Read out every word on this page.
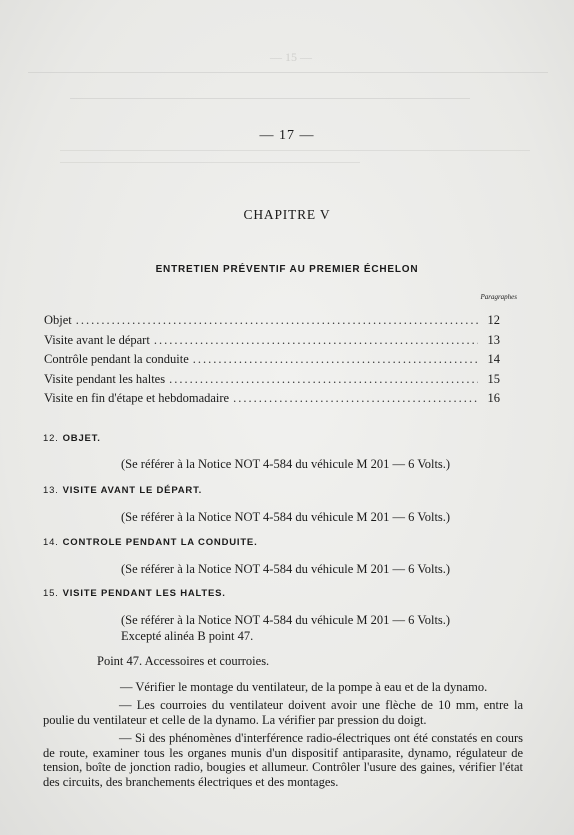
— 15 —
— 17 —
CHAPITRE V
ENTRETIEN PRÉVENTIF AU PREMIER ÉCHELON
Paragraphes
Objet .....	12
Visite avant le départ .....	13
Contrôle pendant la conduite .....	14
Visite pendant les haltes .....	15
Visite en fin d'étape et hebdomadaire .....	16
12. OBJET.
(Se référer à la Notice NOT 4-584 du véhicule M 201 — 6 Volts.)
13. VISITE AVANT LE DÉPART.
(Se référer à la Notice NOT 4-584 du véhicule M 201 — 6 Volts.)
14. CONTROLE PENDANT LA CONDUITE.
(Se référer à la Notice NOT 4-584 du véhicule M 201 — 6 Volts.)
15. VISITE PENDANT LES HALTES.
(Se référer à la Notice NOT 4-584 du véhicule M 201 — 6 Volts.)
Excepté alinéa B point 47.
Point 47. Accessoires et courroies.
— Vérifier le montage du ventilateur, de la pompe à eau et de la dynamo.
— Les courroies du ventilateur doivent avoir une flèche de 10 mm, entre la poulie du ventilateur et celle de la dynamo. La vérifier par pression du doigt.
— Si des phénomènes d'interférence radio-électriques ont été constatés en cours de route, examiner tous les organes munis d'un dispositif antiparasite, dynamo, régulateur de tension, boîte de jonction radio, bougies et allumeur. Contrôler l'usure des gaines, vérifier l'état des circuits, des branchements électriques et des montages.
